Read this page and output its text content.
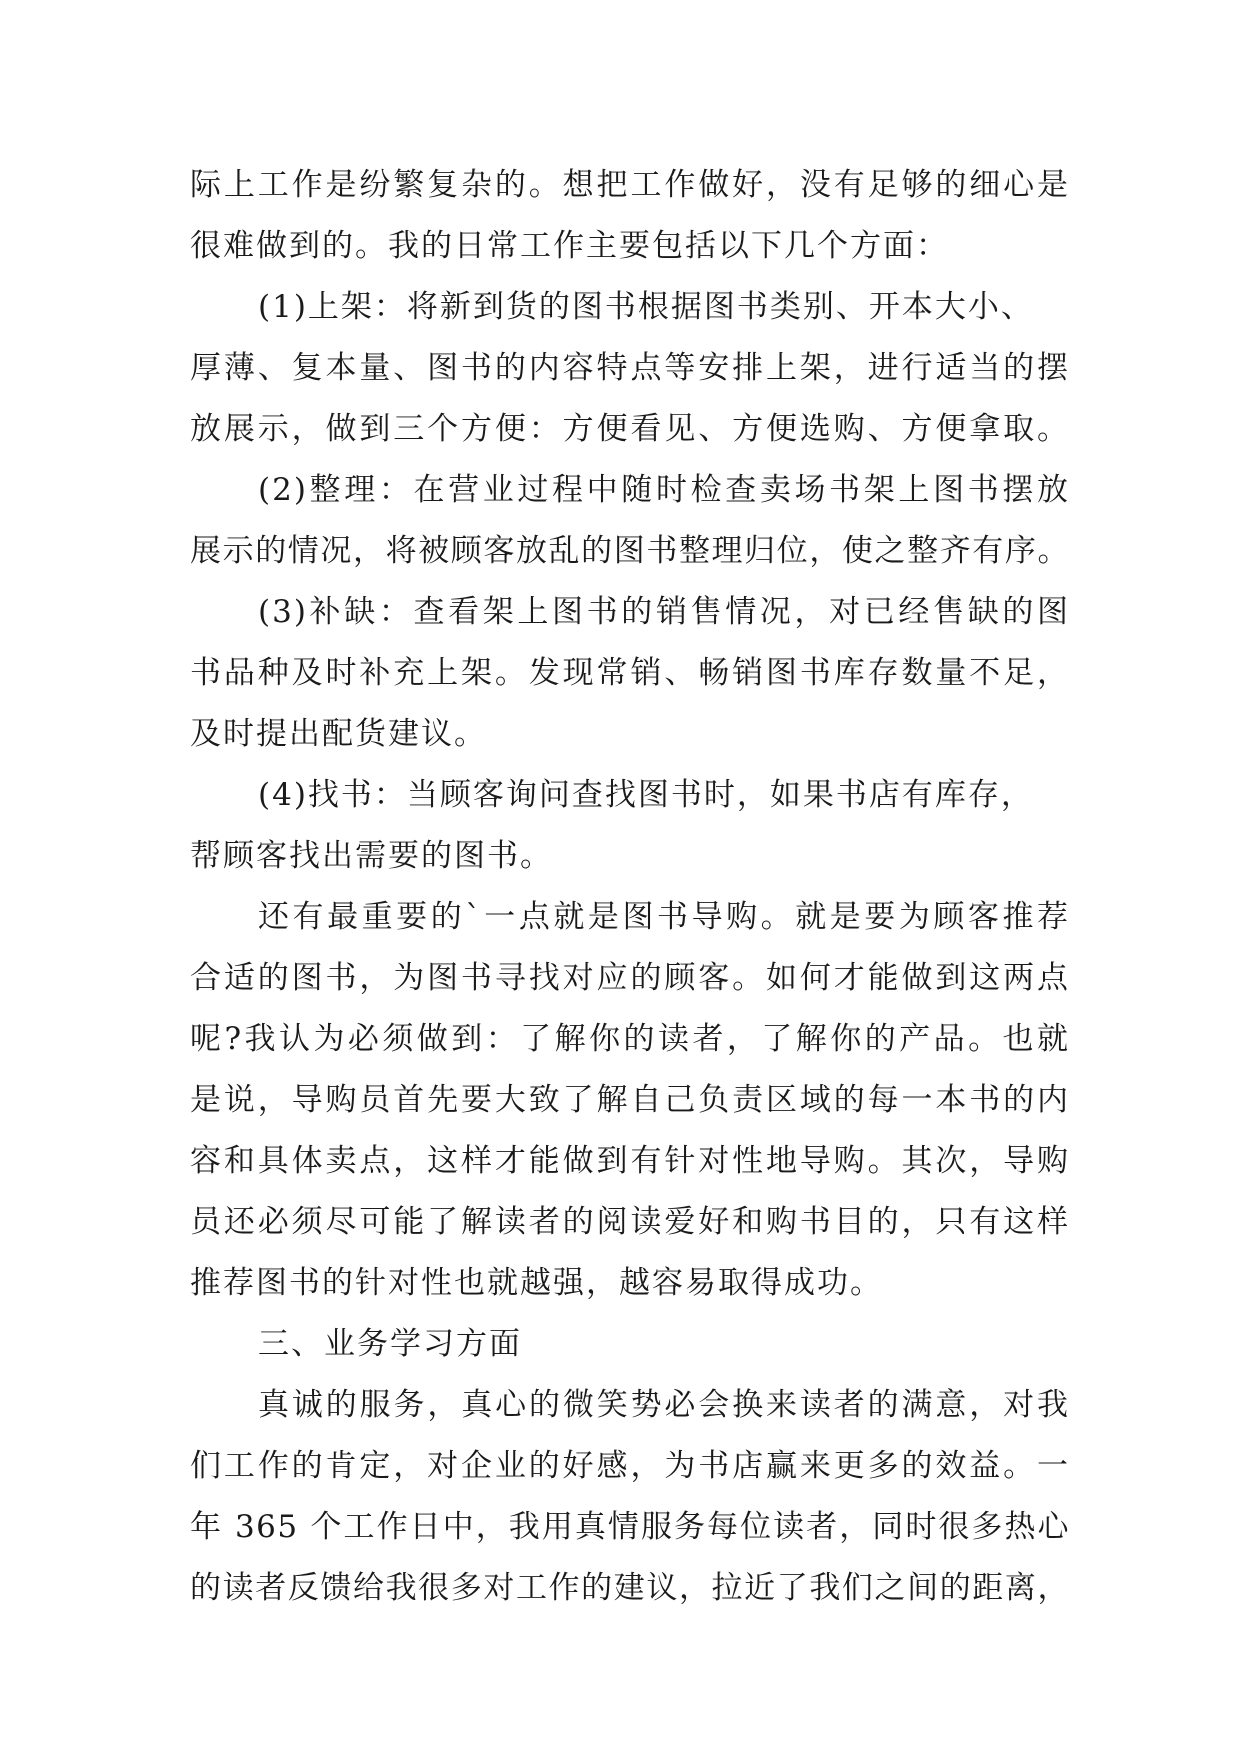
际上工作是纷繁复杂的。想把工作做好，没有足够的细心是
很难做到的。我的日常工作主要包括以下几个方面：
(1)上架：将新到货的图书根据图书类别、开本大小、
厚薄、复本量、图书的内容特点等安排上架，进行适当的摆
放展示，做到三个方便：方便看见、方便选购、方便拿取。
(2)整理：在营业过程中随时检查卖场书架上图书摆放
展示的情况，将被顾客放乱的图书整理归位，使之整齐有序。
(3)补缺：查看架上图书的销售情况，对已经售缺的图
书品种及时补充上架。发现常销、畅销图书库存数量不足，
及时提出配货建议。
(4)找书：当顾客询问查找图书时，如果书店有库存，
帮顾客找出需要的图书。
还有最重要的`一点就是图书导购。就是要为顾客推荐
合适的图书，为图书寻找对应的顾客。如何才能做到这两点
呢?我认为必须做到：了解你的读者，了解你的产品。也就
是说，导购员首先要大致了解自己负责区域的每一本书的内
容和具体卖点，这样才能做到有针对性地导购。其次，导购
员还必须尽可能了解读者的阅读爱好和购书目的，只有这样
推荐图书的针对性也就越强，越容易取得成功。
三、业务学习方面
真诚的服务，真心的微笑势必会换来读者的满意，对我
们工作的肯定，对企业的好感，为书店赢来更多的效益。一
年 365 个工作日中，我用真情服务每位读者，同时很多热心
的读者反馈给我很多对工作的建议，拉近了我们之间的距离，
